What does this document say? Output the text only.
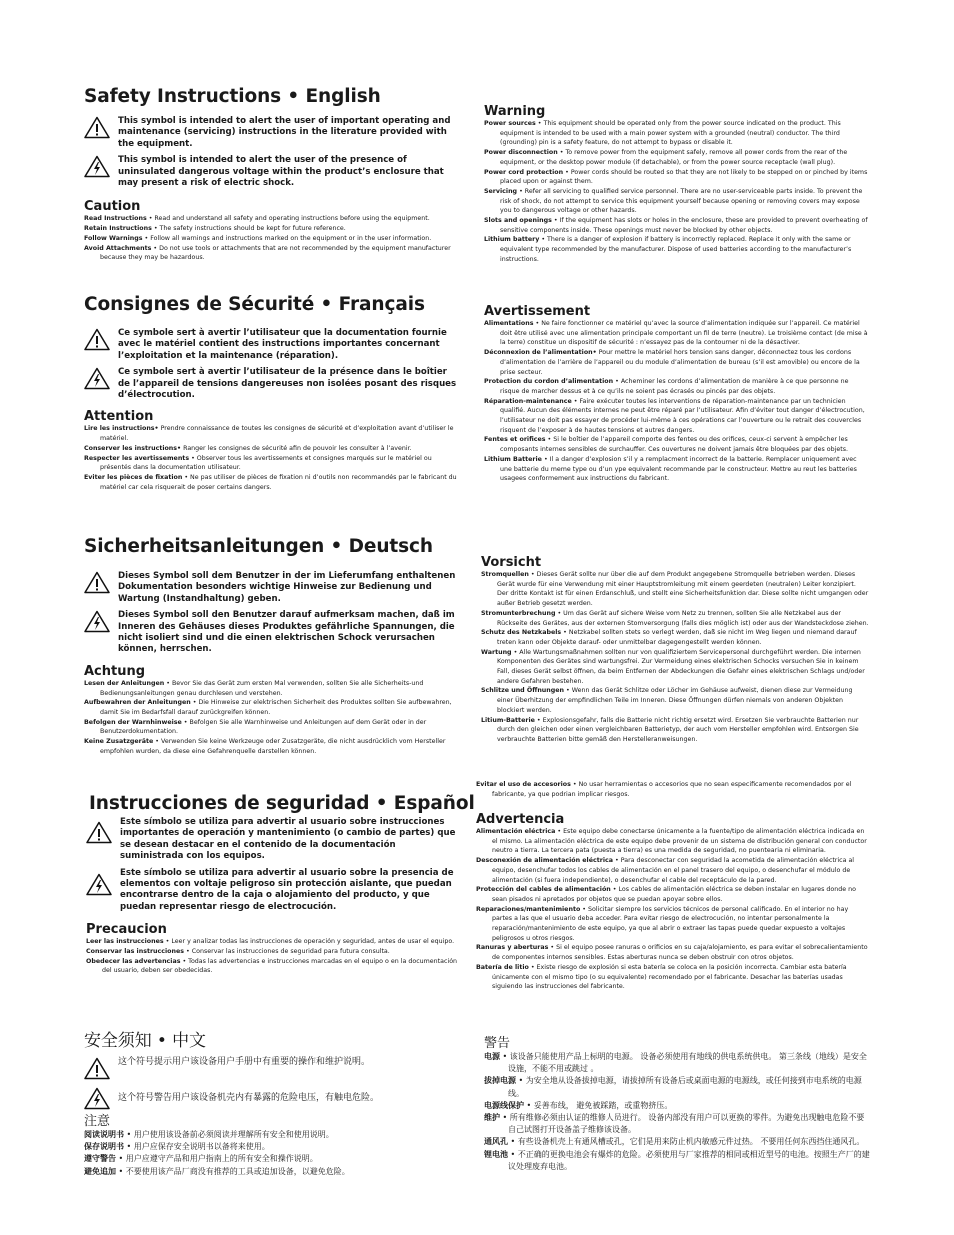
Safety Instructions • English
This symbol is intended to alert the user of important operating and maintenance (servicing) instructions in the literature provided with the equipment.
This symbol is intended to alert the user of the presence of uninsulated dangerous voltage within the product’s enclosure that may present a risk of electric shock.
Caution
Read Instructions • Read and understand all safety and operating instructions before using the equipment.
Retain Instructions • The safety instructions should be kept for future reference.
Follow Warnings • Follow all warnings and instructions marked on the equipment or in the user information.
Avoid Attachments • Do not use tools or attachments that are not recommended by the equipment manufacturer because they may be hazardous.
Consignes de Sécurité • Français
Ce symbole sert à avertir l’utilisateur que la documentation fournie avec le matériel contient des instructions importantes concernant l’exploitation et la maintenance (réparation).
Ce symbole sert à avertir l’utilisateur de la présence dans le boîtier de l’appareil de tensions dangereuses non isolées posant des risques d’électrocution.
Attention
Lire les instructions• Prendre connaissance de toutes les consignes de sécurité et d’exploitation avant d’utiliser le matériel.
Conserver les instructions• Ranger les consignes de sécurité afin de pouvoir les consulter à l’avenir.
Respecter les avertissements • Observer tous les avertissements et consignes marqués sur le matériel ou présentés dans la documentation utilisateur.
Eviter les pièces de fixation • Ne pas utiliser de pièces de fixation ni d’outils non recommandés par le fabricant du matériel car cela risquerait de poser certains dangers.
Sicherheitsanleitungen • Deutsch
Dieses Symbol soll dem Benutzer in der im Lieferumfang enthaltenen Dokumentation besonders wichtige Hinweise zur Bedienung und Wartung (Instandhaltung) geben.
Dieses Symbol soll den Benutzer darauf aufmerksam machen, daß im Inneren des Gehäuses dieses Produktes gefährliche Spannungen, die nicht isoliert sind und die einen elektrischen Schock verursachen können, herrschen.
Achtung
Lesen der Anleitungen • Bevor Sie das Gerät zum ersten Mal verwenden, sollten Sie alle Sicherheits-und Bedienungsanleitungen genau durchlesen und verstehen.
Aufbewahren der Anleitungen • Die Hinweise zur elektrischen Sicherheit des Produktes sollten Sie aufbewahren, damit Sie im Bedarfsfall darauf zurückgreifen können.
Befolgen der Warnhinweise • Befolgen Sie alle Warnhinweise und Anleitungen auf dem Gerät oder in der Benutzerdokumentation.
Keine Zusatzgeräte • Verwenden Sie keine Werkzeuge oder Zusatzgeräte, die nicht ausdrücklich vom Hersteller empfohlen wurden, da diese eine Gefahrenquelle darstellen können.
Instrucciones de seguridad • Español
Este símbolo se utiliza para advertir al usuario sobre instrucciones importantes de operación y mantenimiento (o cambio de partes) que se desean destacar en el contenido de la documentación suministrada con los equipos.
Este símbolo se utiliza para advertir al usuario sobre la presencia de elementos con voltaje peligroso sin protección aislante, que puedan encontrarse dentro de la caja o alojamiento del producto, y que puedan representar riesgo de electrocución.
Precaucion
Leer las instrucciones • Leer y analizar todas las instrucciones de operación y seguridad, antes de usar el equipo.
Conservar las instrucciones • Conservar las instrucciones de seguridad para futura consulta.
Obedecer las advertencias • Todas las advertencias e instrucciones marcadas en el equipo o en la documentación del usuario, deben ser obedecidas.
安全须知 • 中文
这个符号提示用户该设备用户手册中有重要的操作和维护说明。
这个符号警告用户该设备机壳内有暴露的危险电压，有触电危险。
注意
阅读说明书 • 用户使用该设备前必须阅读并理解所有安全和使用说明。
保存说明书 • 用户应保存安全说明书以备将来使用。
遵守警告 • 用户应遵守产品和用户指南上的所有安全和操作说明。
避免追加 • 不要使用该产品厂商没有推荐的工具或追加设备，以避免危险。
Warning
Power sources • This equipment should be operated only from the power source indicated on the product. This equipment is intended to be used with a main power system with a grounded (neutral) conductor. The third (grounding) pin is a safety feature, do not attempt to bypass or disable it.
Power disconnection • To remove power from the equipment safely, remove all power cords from the rear of the equipment, or the desktop power module (if detachable), or from the power source receptacle (wall plug).
Power cord protection • Power cords should be routed so that they are not likely to be stepped on or pinched by items placed upon or against them.
Servicing • Refer all servicing to qualified service personnel. There are no user-serviceable parts inside. To prevent the risk of shock, do not attempt to service this equipment yourself because opening or removing covers may expose you to dangerous voltage or other hazards.
Slots and openings • If the equipment has slots or holes in the enclosure, these are provided to prevent overheating of sensitive components inside. These openings must never be blocked by other objects.
Lithium battery • There is a danger of explosion if battery is incorrectly replaced. Replace it only with the same or equivalent type recommended by the manufacturer. Dispose of used batteries according to the manufacturer’s instructions.
Avertissement
Alimentations • Ne faire fonctionner ce matériel qu’avec la source d’alimentation indiquée sur l’appareil. Ce matériel doit être utilisé avec une alimentation principale comportant un fil de terre (neutre). Le troisième contact (de mise à la terre) constitue un dispositif de sécurité : n’essayez pas de la contourner ni de la désactiver.
Déconnexion de l’alimentation• Pour mettre le matériel hors tension sans danger, déconnectez tous les cordons d’alimentation de l’arrière de l’appareil ou du module d’alimentation de bureau (s’il est amovible) ou encore de la prise secteur.
Protection du cordon d’alimentation • Acheminer les cordons d’alimentation de manière à ce que personne ne risque de marcher dessus et à ce qu’ils ne soient pas écrasés ou pincés par des objets.
Réparation-maintenance • Faire exécuter toutes les interventions de réparation-maintenance par un technicien qualifié. Aucun des éléments internes ne peut être réparé par l’utilisateur. Afin d’éviter tout danger d’électrocution, l’utilisateur ne doit pas essayer de procéder lui-même à ces opérations car l’ouverture ou le retrait des couvercles risquent de l’exposer à de hautes tensions et autres dangers.
Fentes et orifices • Si le boîtier de l’appareil comporte des fentes ou des orifices, ceux-ci servent à empêcher les composants internes sensibles de surchauffer. Ces ouvertures ne doivent jamais être bloquées par des objets.
Lithium Batterie • Il a danger d’explosion s’il y a remplacment incorrect de la batterie. Remplacer uniquement avec une batterie du meme type ou d’un ype equivalent recommande par le constructeur. Mettre au reut les batteries usagees conformement aux instructions du fabricant.
Vorsicht
Stromquellen • Dieses Gerät sollte nur über die auf dem Produkt angegebene Stromquelle betrieben werden. Dieses Gerät wurde für eine Verwendung mit einer Hauptstromleitung mit einem geerdeten (neutralen) Leiter konzipiert. Der dritte Kontakt ist für einen Erdanschluß, und stellt eine Sicherheitsfunktion dar. Diese sollte nicht umgangen oder außer Betrieb gesetzt werden.
Stromunterbrechung • Um das Gerät auf sichere Weise vom Netz zu trennen, sollten Sie alle Netzkabel aus der Rückseite des Gerätes, aus der externen Stomversorgung (falls dies möglich ist) oder aus der Wandsteckdose ziehen.
Schutz des Netzkabels • Netzkabel sollten stets so verlegt werden, daß sie nicht im Weg liegen und niemand darauf treten kann oder Objekte darauf- oder unmittelbar dagegengestellt werden können.
Wartung • Alle Wartungsmaßnahmen sollten nur von qualifiziertem Servicepersonal durchgeführt werden. Die internen Komponenten des Gerätes sind wartungsfrei. Zur Vermeidung eines elektrischen Schocks versuchen Sie in keinem Fall, dieses Gerät selbst öffnen, da beim Entfernen der Abdeckungen die Gefahr eines elektrischen Schlags und/oder andere Gefahren bestehen.
Schlitze und Öffnungen • Wenn das Gerät Schlitze oder Löcher im Gehäuse aufweist, dienen diese zur Vermeidung einer Überhitzung der empfindlichen Teile im Inneren. Diese Öffnungen dürfen niemals von anderen Objekten blockiert werden.
Litium-Batterie • Explosionsgefahr, falls die Batterie nicht richtig ersetzt wird. Ersetzen Sie verbrauchte Batterien nur durch den gleichen oder einen vergleichbaren Batterietyp, der auch vom Hersteller empfohlen wird. Entsorgen Sie verbrauchte Batterien bitte gemäß den Herstelleranweisungen.
Evitar el uso de accesorios • No usar herramientas o accesorios que no sean especificamente recomendados por el fabricante, ya que podrian implicar riesgos.
Advertencia
Alimentación eléctrica • Este equipo debe conectarse únicamente a la fuente/tipo de alimentación eléctrica indicada en el mismo. La alimentación eléctrica de este equipo debe provenir de un sistema de distribución general con conductor neutro a tierra. La tercera pata (puesta a tierra) es una medida de seguridad, no puentearia ni eliminaria.
Desconexión de alimentación eléctrica • Para desconectar con seguridad la acometida de alimentación eléctrica al equipo, desenchufar todos los cables de alimentación en el panel trasero del equipo, o desenchufar el módulo de alimentación (si fuera independiente), o desenchufar el cable del receptáculo de la pared.
Protección del cables de alimentación • Los cables de alimentación eléctrica se deben instalar en lugares donde no sean pisados ni apretados por objetos que se puedan apoyar sobre ellos.
Reparaciones/mantenimiento • Solicitar siempre los servicios técnicos de personal calificado. En el interior no hay partes a las que el usuario deba acceder. Para evitar riesgo de electrocución, no intentar personalmente la reparación/mantenimiento de este equipo, ya que al abrir o extraer las tapas puede quedar expuesto a voltajes peligrosos u otros riesgos.
Ranuras y aberturas • Si el equipo posee ranuras o orificios en su caja/alojamiento, es para evitar el sobrecalientamiento de componentes internos sensibles. Estas aberturas nunca se deben obstruir con otros objetos.
Batería de litio • Existe riesgo de explosión si esta batería se coloca en la posición incorrecta. Cambiar esta batería únicamente con el mismo tipo (o su equivalente) recomendado por el fabricante. Desachar las baterías usadas siguiendo las instrucciones del fabricante.
警告
电源 • 该设备只能使用产品上标明的电源。 设备必须使用有地线的供电系统供电。 第三条线（地线）是安全设施，不能不用或跳过 。
拔掉电源 • 为安全地从设备拔掉电源，请拔掉所有设备后或桌面电源的电源线，或任何接到市电系统的电源线。
电源线保护 • 妥善布线， 避免被踩踏，或重物挤压。
维护 • 所有维修必须由认证的维修人员进行。 设备内部没有用户可以更换的零件。为避免出现触电危险不要自己试图打开设备盖子维修该设备。
通风孔 • 有些设备机壳上有通风槽或孔，它们是用来防止机内敏感元件过热。 不要用任何东西挡住通风孔。
锂电池 • 不正确的更换电池会有爆炸的危险。必须使用与厂家推荐的相同或相近型号的电池。按照生产厂的建议处理废弃电池。
